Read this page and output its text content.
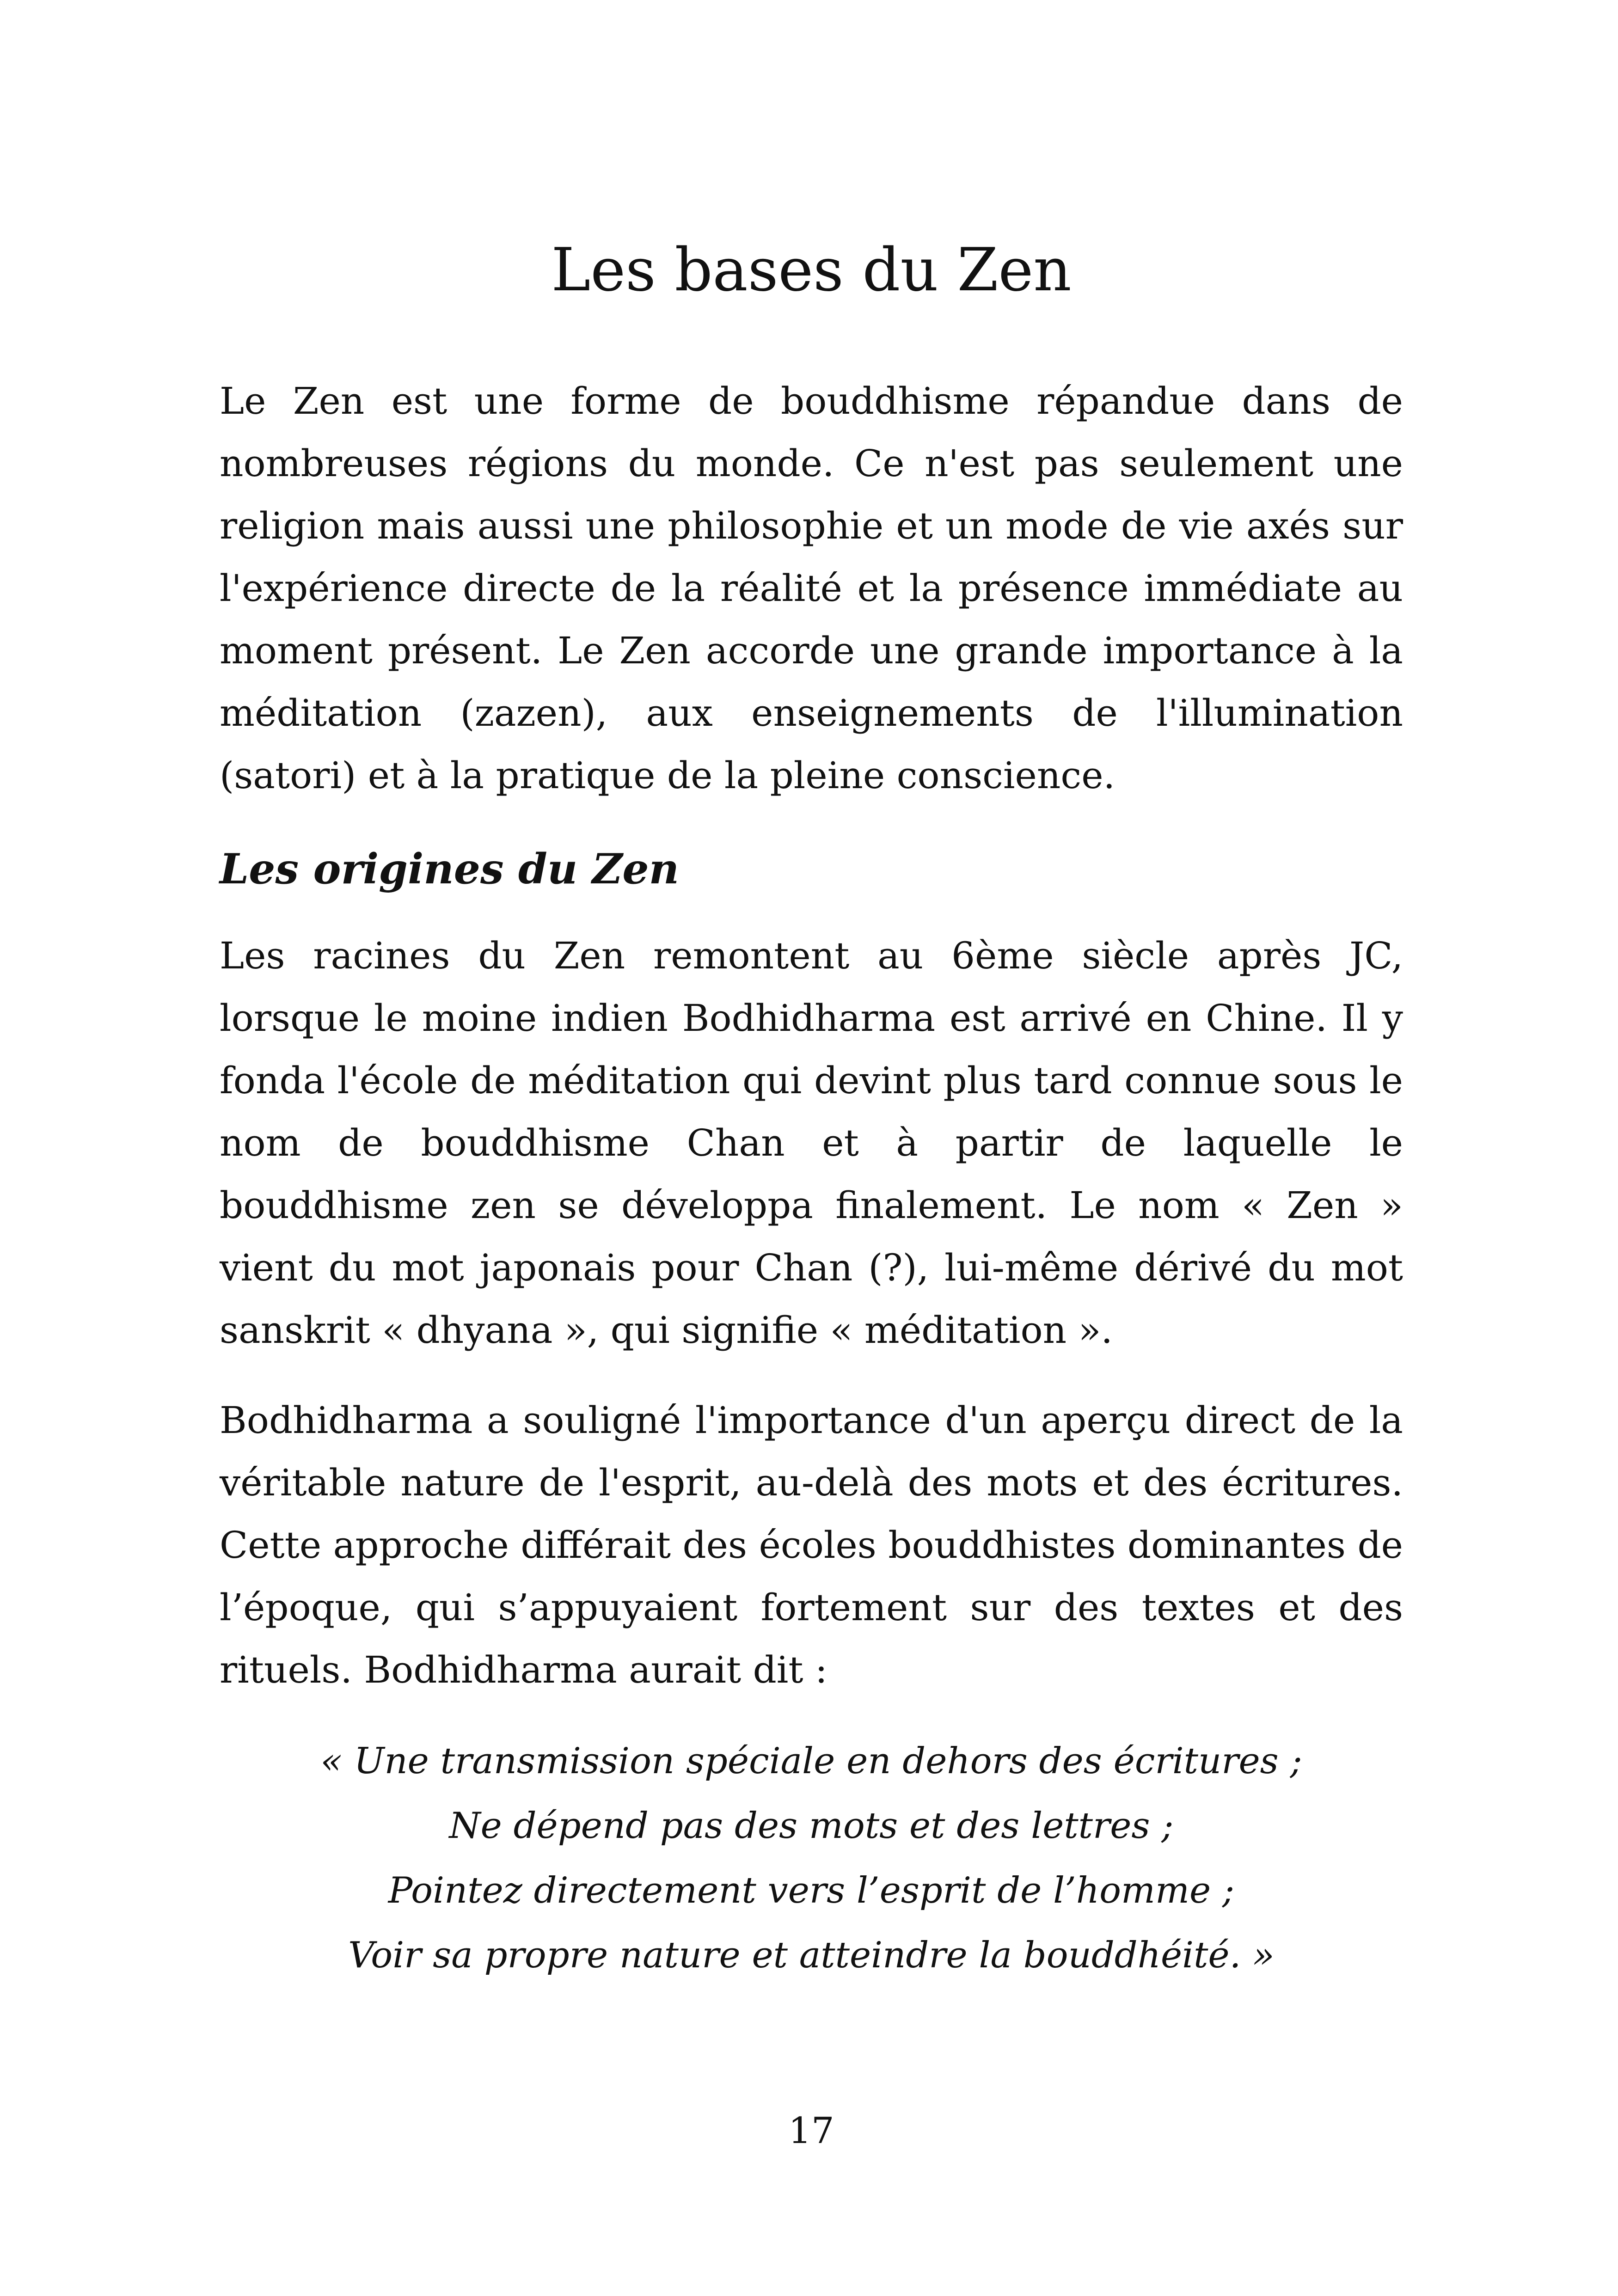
Les bases du Zen

Le Zen est une forme de bouddhisme répandue dans de nombreuses régions du monde. Ce n'est pas seulement une religion mais aussi une philosophie et un mode de vie axés sur l'expérience directe de la réalité et la présence immédiate au moment présent. Le Zen accorde une grande importance à la méditation (zazen), aux enseignements de l'illumination (satori) et à la pratique de la pleine conscience.

Les origines du Zen

Les racines du Zen remontent au 6ème siècle après JC, lorsque le moine indien Bodhidharma est arrivé en Chine. Il y fonda l'école de méditation qui devint plus tard connue sous le nom de bouddhisme Chan et à partir de laquelle le bouddhisme zen se développa finalement. Le nom « Zen » vient du mot japonais pour Chan (?), lui-même dérivé du mot sanskrit « dhyana », qui signifie « méditation ».

Bodhidharma a souligné l'importance d'un aperçu direct de la véritable nature de l'esprit, au-delà des mots et des écritures. Cette approche différait des écoles bouddhistes dominantes de l’époque, qui s’appuyaient fortement sur des textes et des rituels. Bodhidharma aurait dit :

« Une transmission spéciale en dehors des écritures ;
Ne dépend pas des mots et des lettres ;
Pointez directement vers l’esprit de l’homme ;
Voir sa propre nature et atteindre la bouddhéité. »
17
